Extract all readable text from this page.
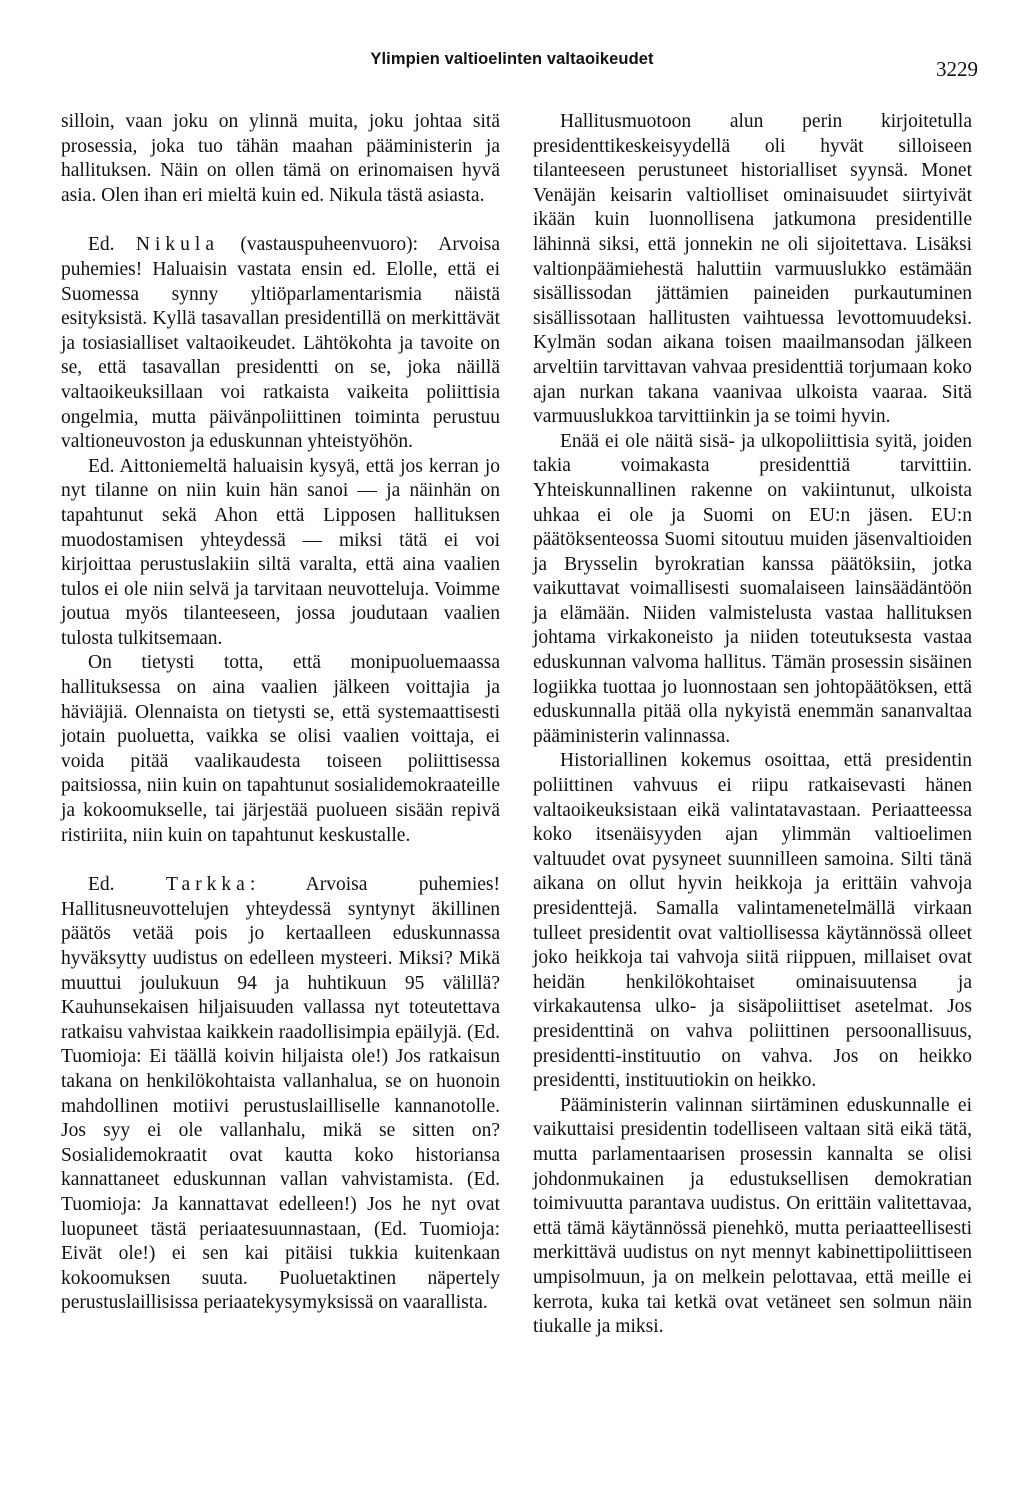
Ylimpien valtioelinten valtaoikeudet	3229

silloin, vaan joku on ylinnä muita, joku johtaa sitä prosessia, joka tuo tähän maahan pääministerin ja hallituksen. Näin on ollen tämä on erinomaisen hyvä asia. Olen ihan eri mieltä kuin ed. Nikula tästä asiasta.

Ed. Nikula (vastauspuheenvuoro): Arvoisa puhemies! Haluaisin vastata ensin ed. Elolle, että ei Suomessa synny yltiöparlamentarismia näistä esityksistä. Kyllä tasavallan presidentillä on merkittävät ja tosiasialliset valtaoikeudet. Lähtökohta ja tavoite on se, että tasavallan presidentti on se, joka näillä valtaoikeuksillaan voi ratkaista vaikeita poliittisia ongelmia, mutta päivänpoliittinen toiminta perustuu valtioneuvoston ja eduskunnan yhteistyöhön.

Ed. Aittoniemeltä haluaisin kysyä, että jos kerran jo nyt tilanne on niin kuin hän sanoi — ja näinhän on tapahtunut sekä Ahon että Lipposen hallituksen muodostamisen yhteydessä — miksi tätä ei voi kirjoittaa perustuslakiin siltä varalta, että aina vaalien tulos ei ole niin selvä ja tarvitaan neuvotteluja. Voimme joutua myös tilanteeseen, jossa joudutaan vaalien tulosta tulkitsemaan.

On tietysti totta, että monipuoluemaassa hallituksessa on aina vaalien jälkeen voittajia ja häviäjiä. Olennaista on tietysti se, että systemaattisesti jotain puoluetta, vaikka se olisi vaalien voittaja, ei voida pitää vaalikaudesta toiseen poliittisessa paitsiossa, niin kuin on tapahtunut sosialidemokraateille ja kokoomukselle, tai järjestää puolueen sisään repivä ristiriita, niin kuin on tapahtunut keskustalle.

Ed.	Tarkka: Arvoisa puhemies! Hallitusneuvottelujen yhteydessä syntynyt äkillinen päätös vetää pois jo kertaalleen eduskunnassa hyväksytty uudistus on edelleen mysteeri. Miksi? Mikä muuttui joulukuun 94 ja huhtikuun 95 välillä? Kauhunsekaisen hiljaisuuden vallassa nyt toteutettava ratkaisu vahvistaa kaikkein raadollisimpia epäilyjä. (Ed. Tuomioja: Ei täällä koivin hiljaista ole!) Jos ratkaisun takana on henkilökohtaista vallanhalua, se on huonoin mahdollinen motiivi perustuslailliselle kannanotolle. Jos syy ei ole vallanhalu, mikä se sitten on? Sosialidemokraatit ovat kautta koko historiansa kannattaneet eduskunnan vallan vahvistamista. (Ed. Tuomioja: Ja kannattavat edelleen!) Jos he nyt ovat luopuneet tästä periaatesuunnastaan, (Ed. Tuomioja: Eivät ole!) ei sen kai pitäisi tukkia kuitenkaan kokoomuksen suuta. Puoluetaktinen näpertely perustuslaillisissa periaatekysymyksissä on vaarallista.

Hallitusmuotoon alun perin kirjoitetulla presidenttikeskeisyydellä oli hyvät silloiseen tilanteeseen perustuneet historialliset syynsä. Monet Venäjän keisarin valtiolliset ominaisuudet siirtyivät ikään kuin luonnollisena jatkumona presidentille lähinnä siksi, että jonnekin ne oli sijoitettava. Lisäksi valtionpäämiehestä haluttiin varmuuslukko estämään sisällissodan jättämien paineiden purkautuminen sisällissotaan hallitusten vaihtuessa levottomuudeksi. Kylmän sodan aikana toisen maailmansodan jälkeen arveltiin tarvittavan vahvaa presidenttiä torjumaan koko ajan nurkan takana vaanivaa ulkoista vaaraa. Sitä varmuuslukkoa tarvittiinkin ja se toimi hyvin.

Enää ei ole näitä sisä- ja ulkopoliittisia syitä, joiden takia voimakasta presidenttiä tarvittiin. Yhteiskunnallinen rakenne on vakiintunut, ulkoista uhkaa ei ole ja Suomi on EU:n jäsen. EU:n päätöksenteossa Suomi sitoutuu muiden jäsenvaltioiden ja Brysselin byrokratian kanssa päätöksiin, jotka vaikuttavat voimallisesti suomalaiseen lainsäädäntöön ja elämään. Niiden valmistelusta vastaa hallituksen johtama virkakoneisto ja niiden toteutuksesta vastaa eduskunnan valvoma hallitus. Tämän prosessin sisäinen logiikka tuottaa jo luonnostaan sen johtopäätöksen, että eduskunnalla pitää olla nykyistä enemmän sananvaltaa pääministerin valinnassa.

Historiallinen kokemus osoittaa, että presidentin poliittinen vahvuus ei riipu ratkaisevasti hänen valtaoikeuksistaan eikä valintatavastaan. Periaatteessa koko itsenäisyyden ajan ylimmän valtioelimen valtuudet ovat pysyneet suunnilleen samoina. Silti tänä aikana on ollut hyvin heikkoja ja erittäin vahvoja presidenttejä. Samalla valintamenetelmällä virkaan tulleet presidentit ovat valtiollisessa käytännössä olleet joko heikkoja tai vahvoja siitä riippuen, millaiset ovat heidän henkilökohtaiset ominaisuutensa ja virkakautensa ulko- ja sisäpoliittiset asetelmat. Jos presidenttinä on vahva poliittinen persoonallisuus, presidentti-instituutio on vahva. Jos on heikko presidentti, instituutiokin on heikko.

Pääministerin valinnan siirtäminen eduskunnalle ei vaikuttaisi presidentin todelliseen valtaan sitä eikä tätä, mutta parlamentaarisen prosessin kannalta se olisi johdonmukainen ja edustuksellisen demokratian toimivuutta parantava uudistus. On erittäin valitettavaa, että tämä käytännössä pienehkö, mutta periaatteellisesti merkittävä uudistus on nyt mennyt kabinettipoliittiseen umpisolmuun, ja on melkein pelottavaa, että meille ei kerrota, kuka tai ketkä ovat vetäneet sen solmun näin tiukalle ja miksi.
